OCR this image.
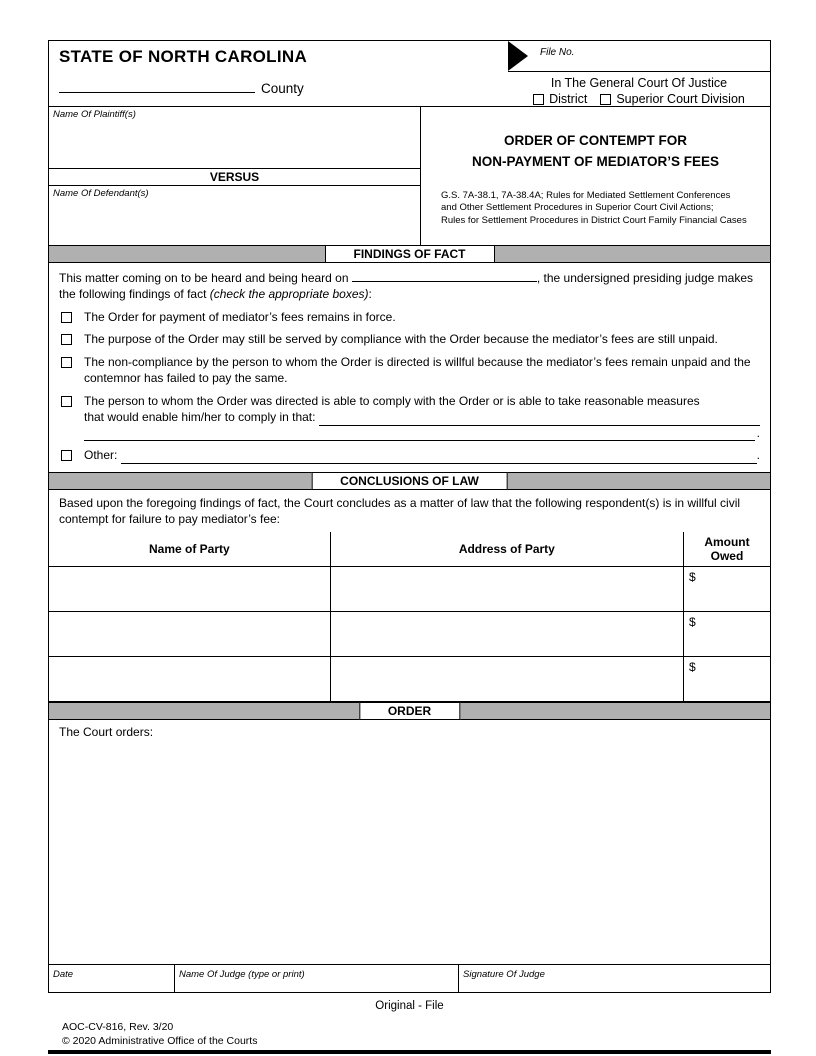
STATE OF NORTH CAROLINA
County
File No.
In The General Court Of Justice
District Superior Court Division
Name Of Plaintiff(s)
VERSUS
Name Of Defendant(s)
ORDER OF CONTEMPT FOR
NON-PAYMENT OF MEDIATOR’S FEES
G.S. 7A-38.1, 7A-38.4A; Rules for Mediated Settlement Conferences
and Other Settlement Procedures in Superior Court Civil Actions;
Rules for Settlement Procedures in District Court Family Financial Cases
FINDINGS OF FACT
This matter coming on to be heard and being heard on	, the undersigned presiding judge makes the following findings of fact (check the appropriate boxes):
The Order for payment of mediator’s fees remains in force.
The purpose of the Order may still be served by compliance with the Order because the mediator’s fees are still unpaid.
The non-compliance by the person to whom the Order is directed is willful because the mediator’s fees remain unpaid and the contemnor has failed to pay the same.
The person to whom the Order was directed is able to comply with the Order or is able to take reasonable measures
that would enable him/her to comply in that:
.
Other:	.
CONCLUSIONS OF LAW
Based upon the foregoing findings of fact, the Court concludes as a matter of law that the following respondent(s) is in willful civil contempt for failure to pay mediator’s fee:
Name of Party	Address of Party	Amount Owed
		$
		$
		$
ORDER
The Court orders:
Date	Name Of Judge (type or print)	Signature Of Judge
Original - File
AOC-CV-816, Rev. 3/20
© 2020 Administrative Office of the Courts
